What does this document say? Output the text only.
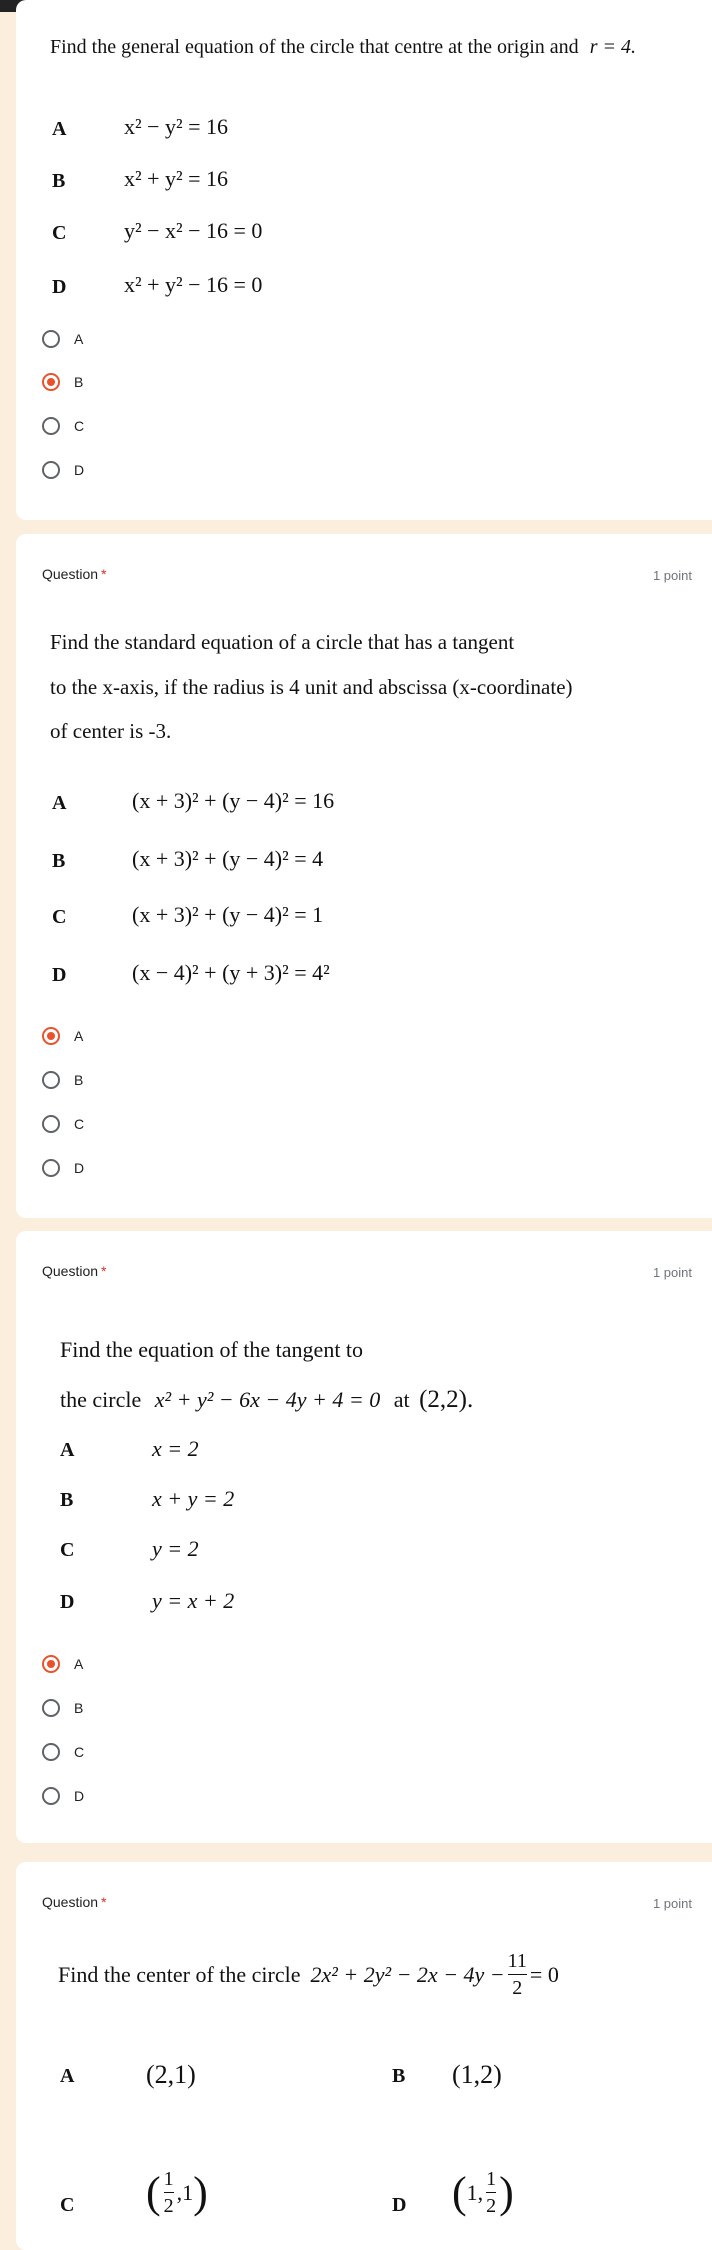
Find the general equation of the circle that centre at the origin and r = 4.
A	x² − y² = 16
B	x² + y² = 16
C	y² − x² − 16 = 0
D	x² + y² − 16 = 0
A
B
C
D
Question *	1 point
Find the standard equation of a circle that has a tangent
to the x-axis, if the radius is 4 unit and abscissa (x-coordinate)
of center is -3.
A	(x + 3)² + (y − 4)² = 16
B	(x + 3)² + (y − 4)² = 4
C	(x + 3)² + (y − 4)² = 1
D	(x − 4)² + (y + 3)² = 4²
A
B
C
D
Question *	1 point
Find the equation of the tangent to
the circle x² + y² − 6x − 4y + 4 = 0 at (2,2).
A	x = 2
B	x + y = 2
C	y = 2
D	y = x + 2
A
B
C
D
Question *	1 point
Find the center of the circle $2x^2 + 2y^2 - 2x - 4y - \frac{11}{2} = 0$
A	(2,1)	B (1,2)
C ( $\frac{1}{2} ,1$ )	D ( 1, $\frac{1}{2}$ )
